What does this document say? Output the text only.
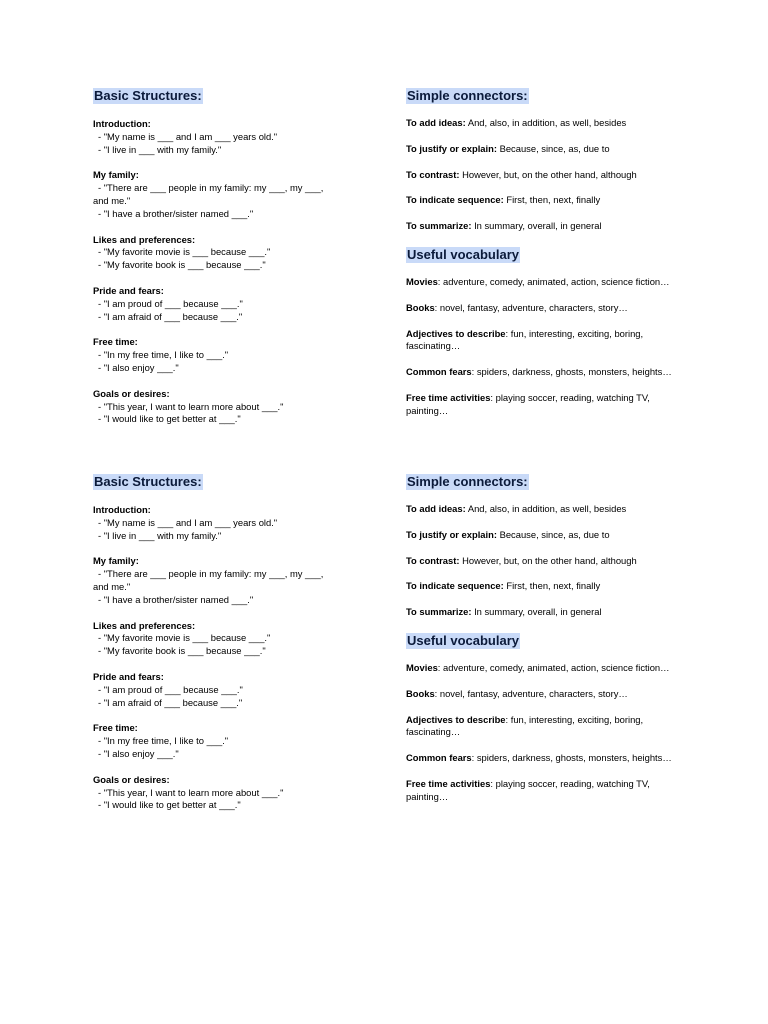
Basic Structures:
Introduction:
- "My name is ___ and I am ___ years old."
- "I live in ___ with my family."
My family:
- "There are ___ people in my family: my ___, my ___,
and me."
- "I have a brother/sister named ___."
Likes and preferences:
- "My favorite movie is ___ because ___."
- "My favorite book is ___ because ___."
Pride and fears:
- "I am proud of ___ because ___."
- "I am afraid of ___ because ___."
Free time:
- "In my free time, I like to ___."
- "I also enjoy ___."
Goals or desires:
- "This year, I want to learn more about ___."
- "I would like to get better at ___."
Simple connectors:
To add ideas: And, also, in addition, as well, besides
To justify or explain: Because, since, as, due to
To contrast: However, but, on the other hand, although
To indicate sequence: First, then, next, finally
To summarize: In summary, overall, in general
Useful vocabulary
Movies: adventure, comedy, animated, action, science fiction…
Books: novel, fantasy, adventure, characters, story…
Adjectives to describe: fun, interesting, exciting, boring, fascinating…
Common fears: spiders, darkness, ghosts, monsters, heights…
Free time activities: playing soccer, reading, watching TV, painting…
Basic Structures:
Introduction:
- "My name is ___ and I am ___ years old."
- "I live in ___ with my family."
My family:
- "There are ___ people in my family: my ___, my ___,
and me."
- "I have a brother/sister named ___."
Likes and preferences:
- "My favorite movie is ___ because ___."
- "My favorite book is ___ because ___."
Pride and fears:
- "I am proud of ___ because ___."
- "I am afraid of ___ because ___."
Free time:
- "In my free time, I like to ___."
- "I also enjoy ___."
Goals or desires:
- "This year, I want to learn more about ___."
- "I would like to get better at ___."
Simple connectors:
To add ideas: And, also, in addition, as well, besides
To justify or explain: Because, since, as, due to
To contrast: However, but, on the other hand, although
To indicate sequence: First, then, next, finally
To summarize: In summary, overall, in general
Useful vocabulary
Movies: adventure, comedy, animated, action, science fiction…
Books: novel, fantasy, adventure, characters, story…
Adjectives to describe: fun, interesting, exciting, boring, fascinating…
Common fears: spiders, darkness, ghosts, monsters, heights…
Free time activities: playing soccer, reading, watching TV, painting…
